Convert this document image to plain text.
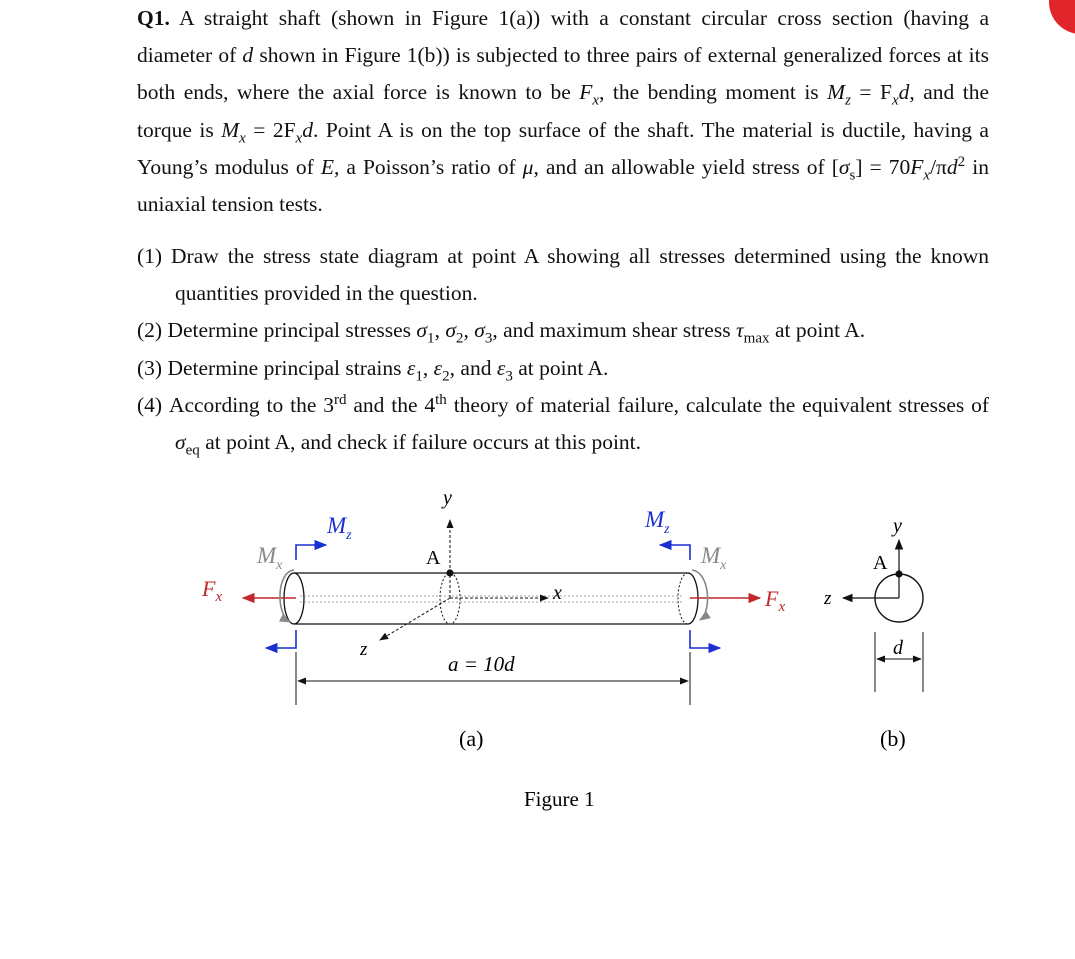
Q1. A straight shaft (shown in Figure 1(a)) with a constant circular cross section (having a diameter of d shown in Figure 1(b)) is subjected to three pairs of external generalized forces at its both ends, where the axial force is known to be $F_x$, the bending moment is $M_z = F_xd$, and the torque is $M_x = 2F_xd$. Point A is on the top surface of the shaft. The material is ductile, having a Young’s modulus of E, a Poisson’s ratio of μ, and an allowable yield stress of $[\sigma_s] = 70F_x/\pi d^2$ in uniaxial tension tests.

(1) Draw the stress state diagram at point A showing all stresses determined using the known quantities provided in the question.

(2) Determine principal stresses $\sigma_1$, $\sigma_2$, $\sigma_3$, and maximum shear stress $\tau_{max}$ at point A.

(3) Determine principal strains $\varepsilon_1$, $\varepsilon_2$, and $\varepsilon_3$ at point A.

(4) According to the 3rd and the 4th theory of material failure, calculate the equivalent stresses of $\sigma_{eq}$ at point A, and check if failure occurs at this point.

y
x
z
A
$F_x$
$M_z$
$M_x$
$F_x$
$M_z$
$M_x$
a = 10d
y
z
A
d
(a)	(b)
Figure 1
